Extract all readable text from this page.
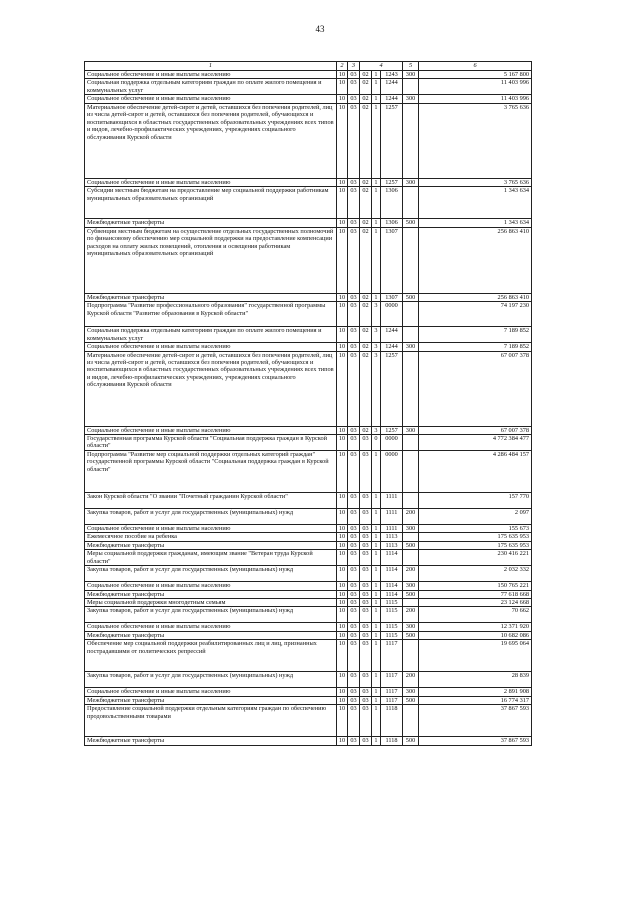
43
1	2	3	4			5	6
Социальное обеспечение и иные выплаты населению	10	03	02	1	1243	300	5 167 800
Социальная поддержка отдельным категориям граждан по оплате жилого помещения и коммунальных услуг	10	03	02	1	1244		11 403 996
Социальное обеспечение и иные выплаты населению	10	03	02	1	1244	300	11 403 996
Материальное обеспечение детей-сирот и детей, оставшихся без попечения родителей, лиц из числа детей-сирот и детей, оставшихся без попечения родителей, обучающихся и воспитывающихся в областных государственных образовательных учреждениях всех типов и видов, лечебно-профилактических учреждениях, учреждениях социального обслуживания Курской области	10	03	02	1	1257		3 765 636
Социальное обеспечение и иные выплаты населению	10	03	02	1	1257	300	3 765 636
Субсидии местным бюджетам на предоставление мер социальной поддержки работникам муниципальных образовательных организаций	10	03	02	1	1306		1 343 634
Межбюджетные трансферты	10	03	02	1	1306	500	1 343 634
Субвенции местным бюджетам на осуществление отдельных государственных полномочий по финансовому обеспечению мер социальной поддержки на предоставление компенсации расходов на оплату жилых помещений, отопления и освещения работникам муниципальных образовательных организаций	10	03	02	1	1307		256 863 410
Межбюджетные трансферты	10	03	02	1	1307	500	256 863 410
Подпрограмма "Развитие профессионального образования" государственной программы Курской области "Развитие образования в Курской области"	10	03	02	3	0000		74 197 230
Социальная поддержка отдельным категориям граждан по оплате жилого помещения и коммунальных услуг	10	03	02	3	1244		7 189 852
Социальное обеспечение и иные выплаты населению	10	03	02	3	1244	300	7 189 852
Материальное обеспечение детей-сирот и детей, оставшихся без попечения родителей, лиц из числа детей-сирот и детей, оставшихся без попечения родителей, обучающихся и воспитывающихся в областных государственных образовательных учреждениях всех типов и видов, лечебно-профилактических учреждениях, учреждениях социального обслуживания Курской области	10	03	02	3	1257		67 007 378
Социальное обеспечение и иные выплаты населению	10	03	02	3	1257	300	67 007 378
Государственная программа Курской области "Социальная поддержка граждан в Курской области"	10	03	03	0	0000		4 772 384 477
Подпрограмма "Развитие мер социальной поддержки отдельных категорий граждан" государственной программы Курской области "Социальная поддержка граждан в Курской области"	10	03	03	1	0000		4 286 484 157
Закон Курской области "О звании "Почетный гражданин Курской области"	10	03	03	1	1111		157 770
Закупка товаров, работ и услуг для государственных (муниципальных) нужд	10	03	03	1	1111	200	2 097
Социальное обеспечение и иные выплаты населению	10	03	03	1	1111	300	155 673
Ежемесячное пособие на ребенка	10	03	03	1	1113		175 635 953
Межбюджетные трансферты	10	03	03	1	1113	500	175 635 953
Меры социальной поддержки гражданам, имеющим звание "Ветеран труда Курской области"	10	03	03	1	1114		230 416 221
Закупка товаров, работ и услуг для государственных (муниципальных) нужд	10	03	03	1	1114	200	2 032 332
Социальное обеспечение и иные выплаты населению	10	03	03	1	1114	300	150 765 221
Межбюджетные трансферты	10	03	03	1	1114	500	77 618 668
Меры социальной поддержки многодетным семьям	10	03	03	1	1115		23 124 668
Закупка товаров, работ и услуг для государственных (муниципальных) нужд	10	03	03	1	1115	200	70 662
Социальное обеспечение и иные выплаты населению	10	03	03	1	1115	300	12 371 920
Межбюджетные трансферты	10	03	03	1	1115	500	10 682 086
Обеспечение мер социальной поддержки реабилитированных лиц и лиц, признанных пострадавшими от политических репрессий	10	03	03	1	1117		19 695 064
Закупка товаров, работ и услуг для государственных (муниципальных) нужд	10	03	03	1	1117	200	28 839
Социальное обеспечение и иные выплаты населению	10	03	03	1	1117	300	2 891 908
Межбюджетные трансферты	10	03	03	1	1117	500	16 774 317
Предоставление социальной поддержки отдельным категориям граждан по обеспечению продовольственными товарами	10	03	03	1	1118		37 867 593
Межбюджетные трансферты	10	03	03	1	1118	500	37 867 593
